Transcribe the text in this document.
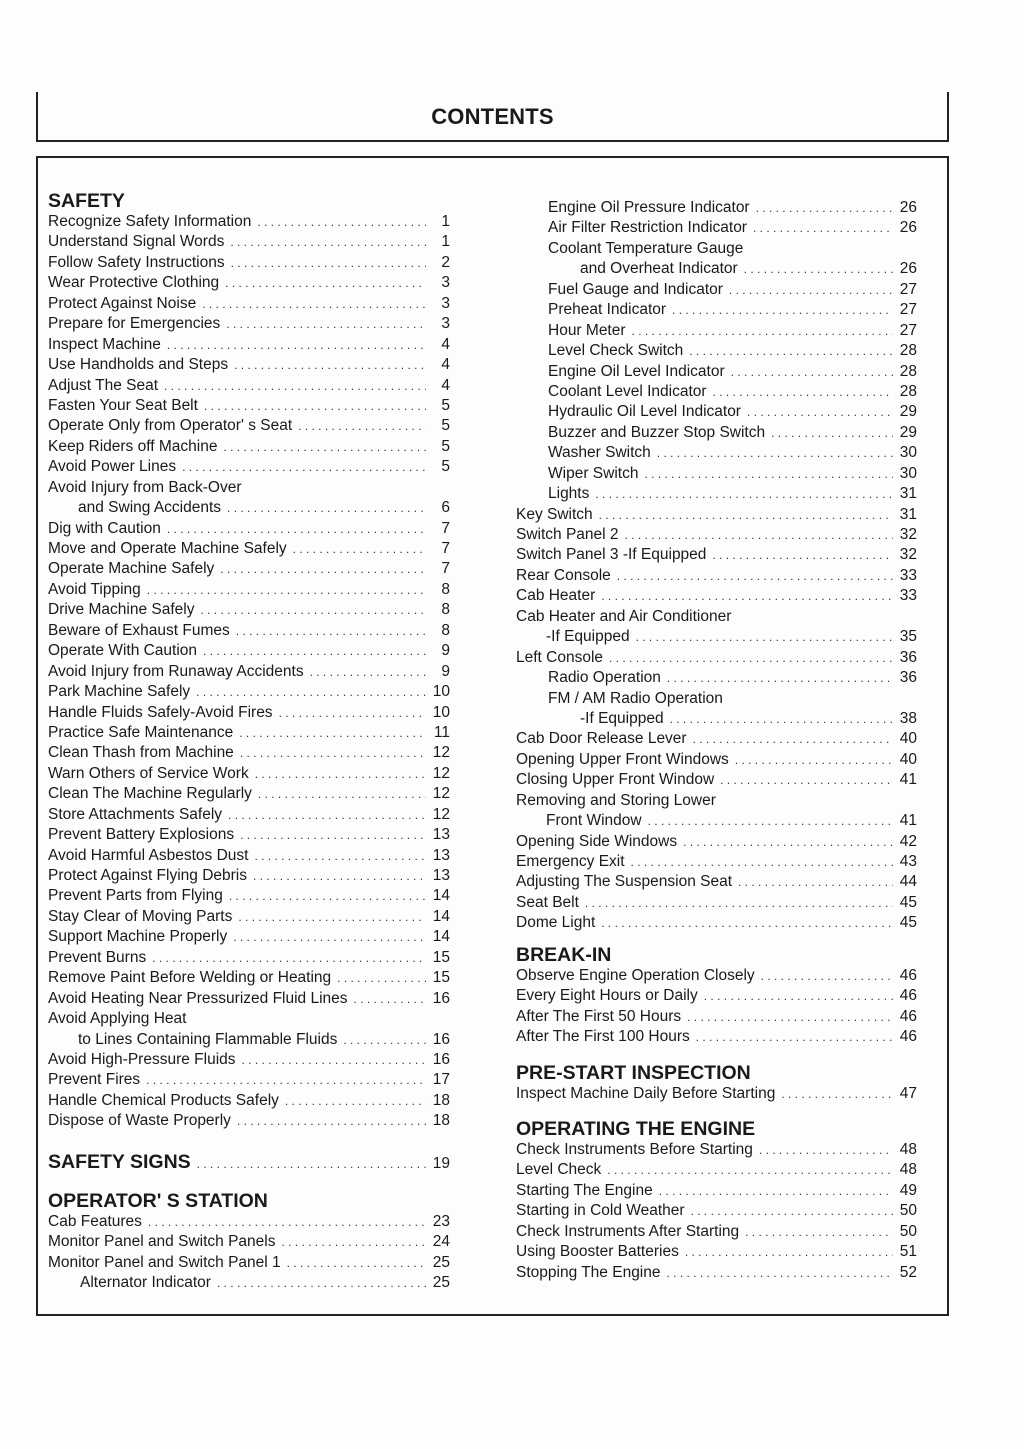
CONTENTS
SAFETY
Recognize Safety Information . . .	1
Understand Signal Words . . .	1
Follow Safety Instructions . . .	2
Wear Protective Clothing . . .	3
Protect Against Noise . . .	3
Prepare for Emergencies . . .	3
Inspect Machine . . .	4
Use Handholds and Steps . . .	4
Adjust The Seat . . .	4
Fasten Your Seat Belt . . .	5
Operate Only from Operator' s Seat . . .	5
Keep Riders off Machine . . .	5
Avoid Power Lines . . .	5
Avoid Injury from Back-Over
and Swing Accidents . . .	6
Dig with Caution . . .	7
Move and Operate Machine Safely . . .	7
Operate Machine Safely . . .	7
Avoid Tipping . . .	8
Drive Machine Safely . . .	8
Beware of Exhaust Fumes . . .	8
Operate With Caution . . .	9
Avoid Injury from Runaway Accidents . . .	9
Park Machine Safely . . .	10
Handle Fluids Safely-Avoid Fires . . .	10
Practice Safe Maintenance . . .	11
Clean Thash from Machine . . .	12
Warn Others of Service Work . . .	12
Clean The Machine Regularly . . .	12
Store Attachments Safely . . .	12
Prevent Battery Explosions . . .	13
Avoid Harmful Asbestos Dust . . .	13
Protect Against Flying Debris . . .	13
Prevent Parts from Flying . . .	14
Stay Clear of Moving Parts . . .	14
Support Machine Properly . . .	14
Prevent Burns . . .	15
Remove Paint Before Welding or Heating . . .	15
Avoid Heating Near Pressurized Fluid Lines . . .	16
Avoid Applying Heat
to Lines Containing Flammable Fluids . . .	16
Avoid High-Pressure Fluids . . .	16
Prevent Fires . . .	17
Handle Chemical Products Safely . . .	18
Dispose of Waste Properly . . .	18
SAFETY SIGNS . . .	19
OPERATOR' S STATION
Cab Features . . .	23
Monitor Panel and Switch Panels . . .	24
Monitor Panel and Switch Panel 1 . . .	25
Alternator Indicator . . .	25
Engine Oil Pressure Indicator . . .	26
Air Filter Restriction Indicator . . .	26
Coolant Temperature Gauge
and Overheat Indicator . . .	26
Fuel Gauge and Indicator . . .	27
Preheat Indicator . . .	27
Hour Meter . . .	27
Level Check Switch . . .	28
Engine Oil Level Indicator . . .	28
Coolant Level Indicator . . .	28
Hydraulic Oil Level Indicator . . .	29
Buzzer and Buzzer Stop Switch . . .	29
Washer Switch . . .	30
Wiper Switch . . .	30
Lights . . .	31
Key Switch . . .	31
Switch Panel 2 . . .	32
Switch Panel 3 -If Equipped . . .	32
Rear Console . . .	33
Cab Heater . . .	33
Cab Heater and Air Conditioner
-If Equipped . . .	35
Left Console . . .	36
Radio Operation . . .	36
FM / AM Radio Operation
-If Equipped . . .	38
Cab Door Release Lever . . .	40
Opening Upper Front Windows . . .	40
Closing Upper Front Window . . .	41
Removing and Storing Lower
Front Window . . .	41
Opening Side Windows . . .	42
Emergency Exit . . .	43
Adjusting The Suspension Seat . . .	44
Seat Belt . . .	45
Dome Light . . .	45
BREAK-IN
Observe Engine Operation Closely . . .	46
Every Eight Hours or Daily . . .	46
After The First 50 Hours . . .	46
After The First 100 Hours . . .	46
PRE-START INSPECTION
Inspect Machine Daily Before Starting . . .	47
OPERATING THE ENGINE
Check Instruments Before Starting . . .	48
Level Check . . .	48
Starting The Engine . . .	49
Starting in Cold Weather . . .	50
Check Instruments After Starting . . .	50
Using Booster Batteries . . .	51
Stopping The Engine . . .	52
